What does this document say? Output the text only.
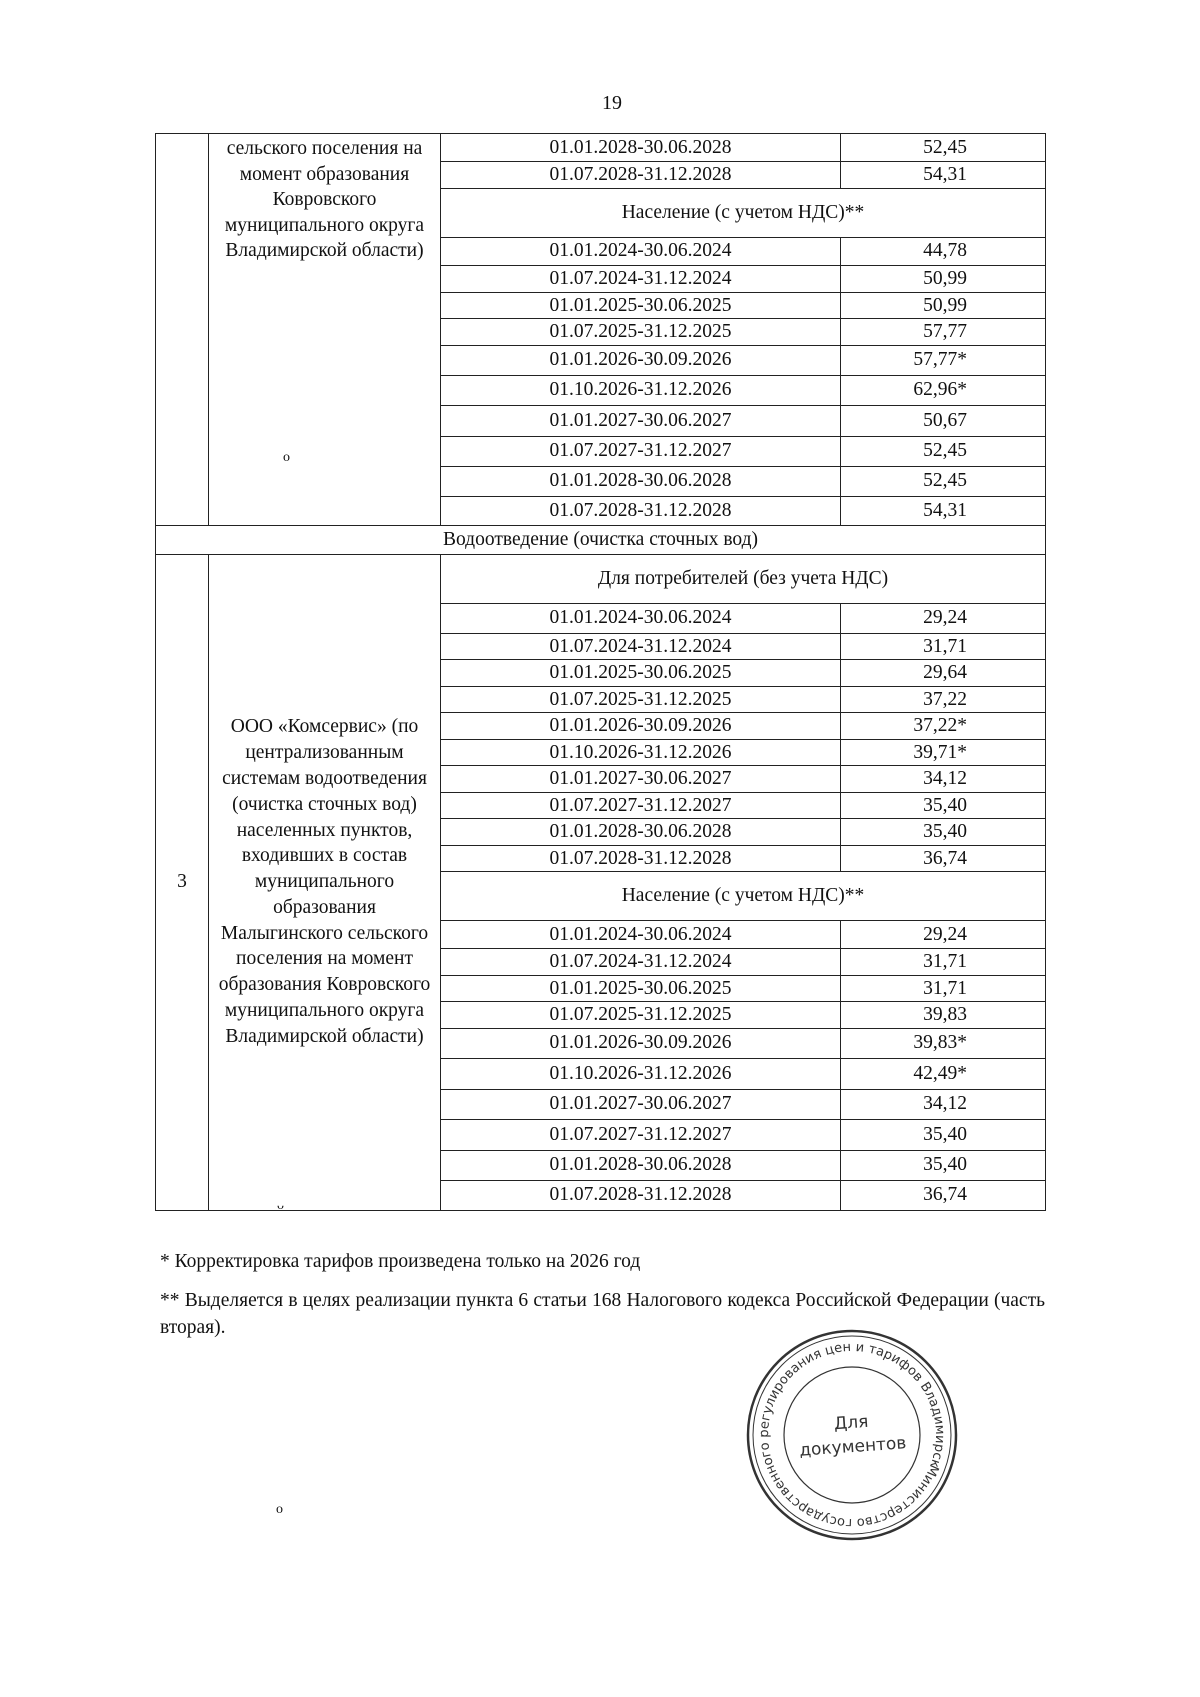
19
	сельского поселения на момент образования Ковровского муниципального округа Владимирской области)	01.01.2028-30.06.2028	52,45
		01.07.2028-31.12.2028	54,31
		Население (с учетом НДС)**	
		01.01.2024-30.06.2024	44,78
		01.07.2024-31.12.2024	50,99
		01.01.2025-30.06.2025	50,99
		01.07.2025-31.12.2025	57,77
		01.01.2026-30.09.2026	57,77*
		01.10.2026-31.12.2026	62,96*
		01.01.2027-30.06.2027	50,67
		01.07.2027-31.12.2027	52,45
		01.01.2028-30.06.2028	52,45
		01.07.2028-31.12.2028	54,31
Водоотведение (очистка сточных вод)			
3	ООО «Комсервис» (по централизованным системам водоотведения (очистка сточных вод) населенных пунктов, входивших в состав муниципального образования Малыгинского сельского поселения на момент образования Ковровского муниципального округа Владимирской области)	Для потребителей (без учета НДС)	
		01.01.2024-30.06.2024	29,24
		01.07.2024-31.12.2024	31,71
		01.01.2025-30.06.2025	29,64
		01.07.2025-31.12.2025	37,22
		01.01.2026-30.09.2026	37,22*
		01.10.2026-31.12.2026	39,71*
		01.01.2027-30.06.2027	34,12
		01.07.2027-31.12.2027	35,40
		01.01.2028-30.06.2028	35,40
		01.07.2028-31.12.2028	36,74
		Население (с учетом НДС)**	
		01.01.2024-30.06.2024	29,24
		01.07.2024-31.12.2024	31,71
		01.01.2025-30.06.2025	31,71
		01.07.2025-31.12.2025	39,83
		01.01.2026-30.09.2026	39,83*
		01.10.2026-31.12.2026	42,49*
		01.01.2027-30.06.2027	34,12
		01.07.2027-31.12.2027	35,40
		01.01.2028-30.06.2028	35,40
		01.07.2028-31.12.2028	36,74
* Корректировка тарифов произведена только на 2026 год
** Выделяется в целях реализации пункта 6 статьи 168 Налогового кодекса Российской Федерации (часть вторая).
Министерство государственного регулирования цен и тарифов Владимирской
Для
документов
o
ᴗ
o
